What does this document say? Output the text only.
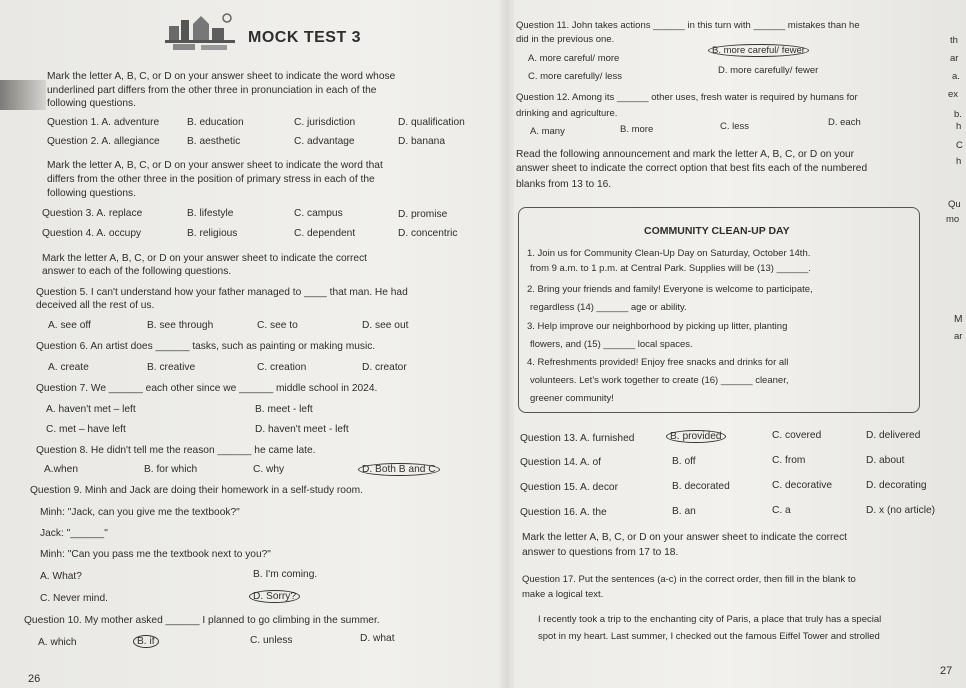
MOCK TEST 3
Mark the letter A, B, C, or D on your answer sheet to indicate the word whose
underlined part differs from the other three in pronunciation in each of the
following questions.
Question 1. A. adventure	B. education	C. jurisdiction	D. qualification
Question 2. A. allegiance	B. aesthetic	C. advantage	D. banana
Mark the letter A, B, C, or D on your answer sheet to indicate the word that
differs from the other three in the position of primary stress in each of the
following questions.
Question 3. A. replace	B. lifestyle	C. campus	D. promise
Question 4. A. occupy	B. religious	C. dependent	D. concentric
Mark the letter A, B, C, or D on your answer sheet to indicate the correct
answer to each of the following questions.
Question 5. I can't understand how your father managed to ____ that man. He had
deceived all the rest of us.
A. see off	B. see through	C. see to	D. see out
Question 6. An artist does ______ tasks, such as painting or making music.
A. create	B. creative	C. creation	D. creator
Question 7. We ______ each other since we ______ middle school in 2024.
A. haven't met – left	B. meet - left
C. met – have left	D. haven't meet - left
Question 8. He didn't tell me the reason ______ he came late.
A.when	B. for which	C. why	D. Both B and C
Question 9. Minh and Jack are doing their homework in a self-study room.
Minh: "Jack, can you give me the textbook?"
Jack: "______"
Minh: "Can you pass me the textbook next to you?"
A. What?	B. I'm coming.
C. Never mind.	D. Sorry?
Question 10. My mother asked ______ I planned to go climbing in the summer.
A. which	B. if	C. unless	D. what
26
Question 11. John takes actions ______ in this turn with ______ mistakes than he
did in the previous one.
A. more careful/ more
B. more careful/ fewer
C. more carefully/ less
D. more carefully/ fewer
Question 12. Among its ______ other uses, fresh water is required by humans for
drinking and agriculture.
A. many	B. more	C. less	D. each
Read the following announcement and mark the letter A, B, C, or D on your
answer sheet to indicate the correct option that best fits each of the numbered
blanks from 13 to 16.
COMMUNITY CLEAN-UP DAY
1. Join us for Community Clean-Up Day on Saturday, October 14th.
from 9 a.m. to 1 p.m. at Central Park. Supplies will be (13) ______.
2. Bring your friends and family! Everyone is welcome to participate,
regardless (14) ______ age or ability.
3. Help improve our neighborhood by picking up litter, planting
flowers, and (15) ______ local spaces.
4. Refreshments provided! Enjoy free snacks and drinks for all
volunteers. Let's work together to create (16) ______ cleaner,
greener community!
Question 13. A. furnished	B. provided	C. covered	D. delivered
Question 14. A. of	B. off	C. from	D. about
Question 15. A. decor	B. decorated	C. decorative	D. decorating
Question 16. A. the	B. an	C. a	D. x (no article)
Mark the letter A, B, C, or D on your answer sheet to indicate the correct
answer to questions from 17 to 18.
Question 17. Put the sentences (a-c) in the correct order, then fill in the blank to
make a logical text.
I recently took a trip to the enchanting city of Paris, a place that truly has a special
spot in my heart. Last summer, I checked out the famous Eiffel Tower and strolled
27
th
ar
a.
ex
b.
h
C
h
Qu
mo
M
ar
